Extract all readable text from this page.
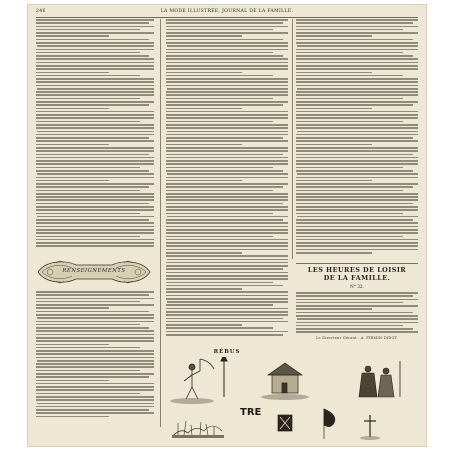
246	LA MODE ILLUSTRÉE, JOURNAL DE LA FAMILLE.
RENSEIGNEMENTS	LES HEURES DE LOISIR
DE LA FAMILLE.
N° 32.
Le Directeur Gérant : A. FIRMIN-DIDOT.
RÉBUS
TRE
